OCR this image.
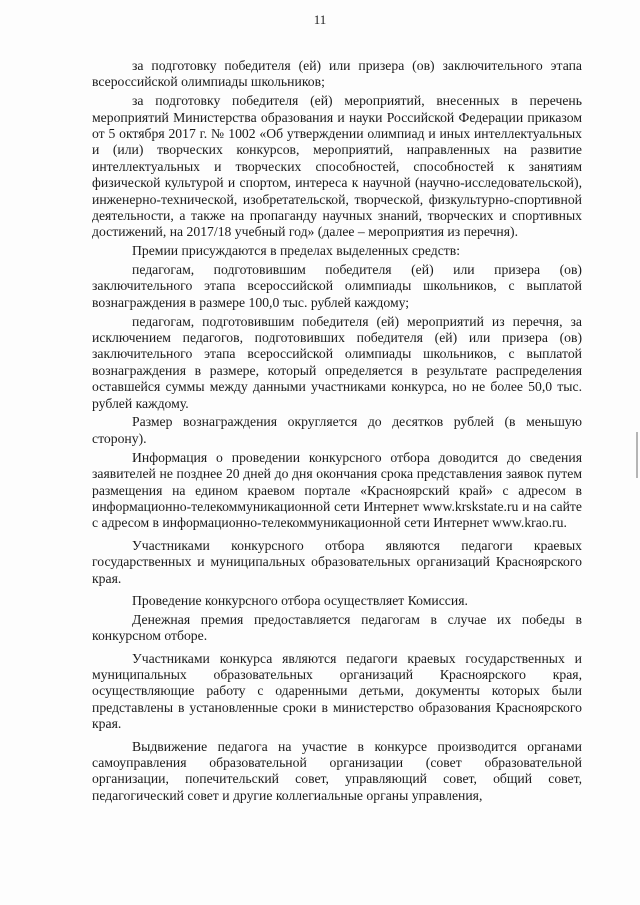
11

за подготовку победителя (ей) или призера (ов) заключительного этапа всероссийской олимпиады школьников;

за подготовку победителя (ей) мероприятий, внесенных в перечень мероприятий Министерства образования и науки Российской Федерации приказом от 5 октября 2017 г. № 1002 «Об утверждении олимпиад и иных интеллектуальных и (или) творческих конкурсов, мероприятий, направленных на развитие интеллектуальных и творческих способностей, способностей к занятиям физической культурой и спортом, интереса к научной (научно-исследовательской), инженерно-технической, изобретательской, творческой, физкультурно-спортивной деятельности, а также на пропаганду научных знаний, творческих и спортивных достижений, на 2017/18 учебный год» (далее – мероприятия из перечня).

Премии присуждаются в пределах выделенных средств:

педагогам, подготовившим победителя (ей) или призера (ов) заключительного этапа всероссийской олимпиады школьников, с выплатой вознаграждения в размере 100,0 тыс. рублей каждому;

педагогам, подготовившим победителя (ей) мероприятий из перечня, за исключением педагогов, подготовивших победителя (ей) или призера (ов) заключительного этапа всероссийской олимпиады школьников, с выплатой вознаграждения в размере, который определяется в результате распределения оставшейся суммы между данными участниками конкурса, но не более 50,0 тыс. рублей каждому.

Размер вознаграждения округляется до десятков рублей (в меньшую сторону).

Информация о проведении конкурсного отбора доводится до сведения заявителей не позднее 20 дней до дня окончания срока представления заявок путем размещения на едином краевом портале «Красноярский край» с адресом в информационно-телекоммуникационной сети Интернет www.krskstate.ru и на сайте с адресом в информационно-телекоммуникационной сети Интернет www.krao.ru.

Участниками конкурсного отбора являются педагоги краевых государственных и муниципальных образовательных организаций Красноярского края.

Проведение конкурсного отбора осуществляет Комиссия.

Денежная премия предоставляется педагогам в случае их победы в конкурсном отборе.

Участниками конкурса являются педагоги краевых государственных и муниципальных образовательных организаций Красноярского края, осуществляющие работу с одаренными детьми, документы которых были представлены в установленные сроки в министерство образования Красноярского края.

Выдвижение педагога на участие в конкурсе производится органами самоуправления образовательной организации (совет образовательной организации, попечительский совет, управляющий совет, общий совет, педагогический совет и другие коллегиальные органы управления,
